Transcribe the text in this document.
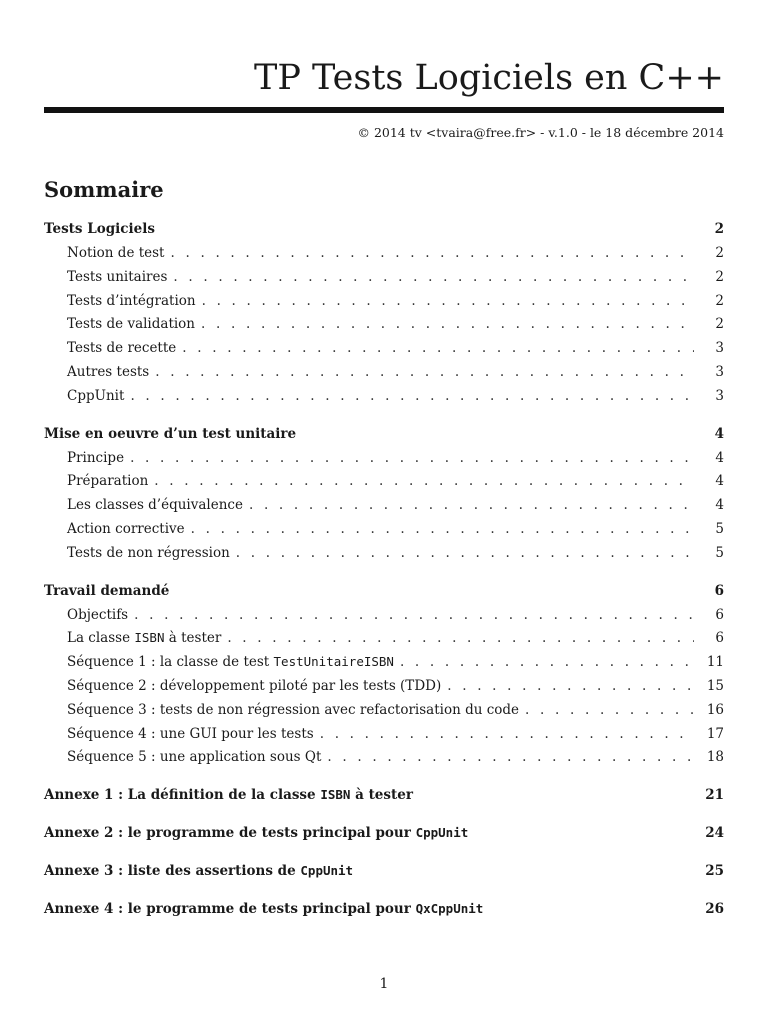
TP Tests Logiciels en C++
© 2014 tv <tvaira@free.fr> - v.1.0 - le 18 décembre 2014
Sommaire
Tests Logiciels	2
Notion de test . . .	2
Tests unitaires . . .	2
Tests d’intégration . . .	2
Tests de validation . . .	2
Tests de recette . . .	3
Autres tests . . .	3
CppUnit . . .	3
Mise en oeuvre d’un test unitaire	4
Principe . . .	4
Préparation . . .	4
Les classes d’équivalence . . .	4
Action corrective . . .	5
Tests de non régression . . .	5
Travail demandé	6
Objectifs . . .	6
La classe ISBN à tester . . .	6
Séquence 1 : la classe de test TestUnitaireISBN . . .	11
Séquence 2 : développement piloté par les tests (TDD) . . .	15
Séquence 3 : tests de non régression avec refactorisation du code . . .	16
Séquence 4 : une GUI pour les tests . . .	17
Séquence 5 : une application sous Qt . . .	18
Annexe 1 : La définition de la classe ISBN à tester	21
Annexe 2 : le programme de tests principal pour CppUnit	24
Annexe 3 : liste des assertions de CppUnit	25
Annexe 4 : le programme de tests principal pour QxCppUnit	26
1
